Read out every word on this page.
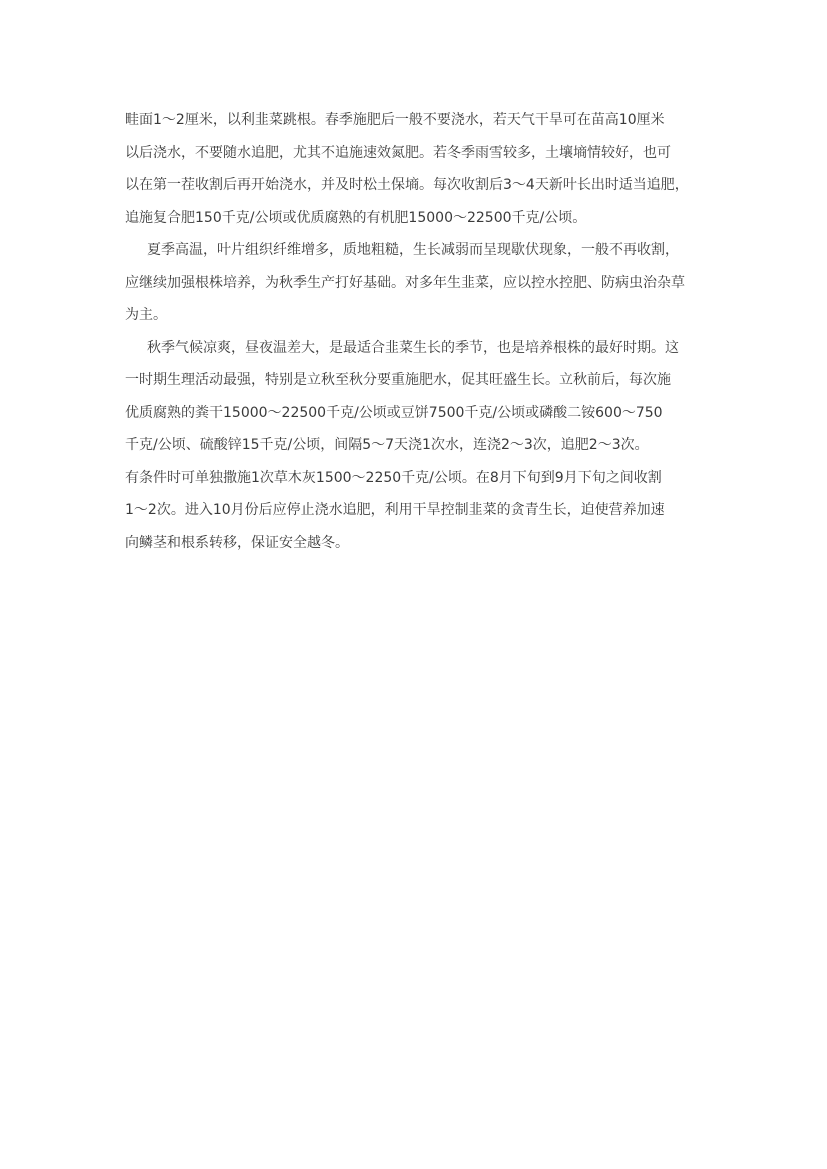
畦面1～2厘米，以利韭菜跳根。春季施肥后一般不要浇水，若天气干旱可在苗高10厘米
以后浇水，不要随水追肥，尤其不追施速效氮肥。若冬季雨雪较多，土壤墒情较好，也可
以在第一茬收割后再开始浇水，并及时松土保墒。每次收割后3～4天新叶长出时适当追肥，
追施复合肥150千克/公顷或优质腐熟的有机肥15000～22500千克/公顷。
夏季高温，叶片组织纤维增多，质地粗糙，生长减弱而呈现歇伏现象，一般不再收割，
应继续加强根株培养，为秋季生产打好基础。对多年生韭菜，应以控水控肥、防病虫治杂草
为主。
秋季气候凉爽，昼夜温差大，是最适合韭菜生长的季节，也是培养根株的最好时期。这
一时期生理活动最强，特别是立秋至秋分要重施肥水，促其旺盛生长。立秋前后，每次施
优质腐熟的粪干15000～22500千克/公顷或豆饼7500千克/公顷或磷酸二铵600～750
千克/公顷、硫酸锌15千克/公顷，间隔5～7天浇1次水，连浇2～3次，追肥2～3次。
有条件时可单独撒施1次草木灰1500～2250千克/公顷。在8月下旬到9月下旬之间收割
1～2次。进入10月份后应停止浇水追肥，利用干旱控制韭菜的贪青生长，迫使营养加速
向鳞茎和根系转移，保证安全越冬。
